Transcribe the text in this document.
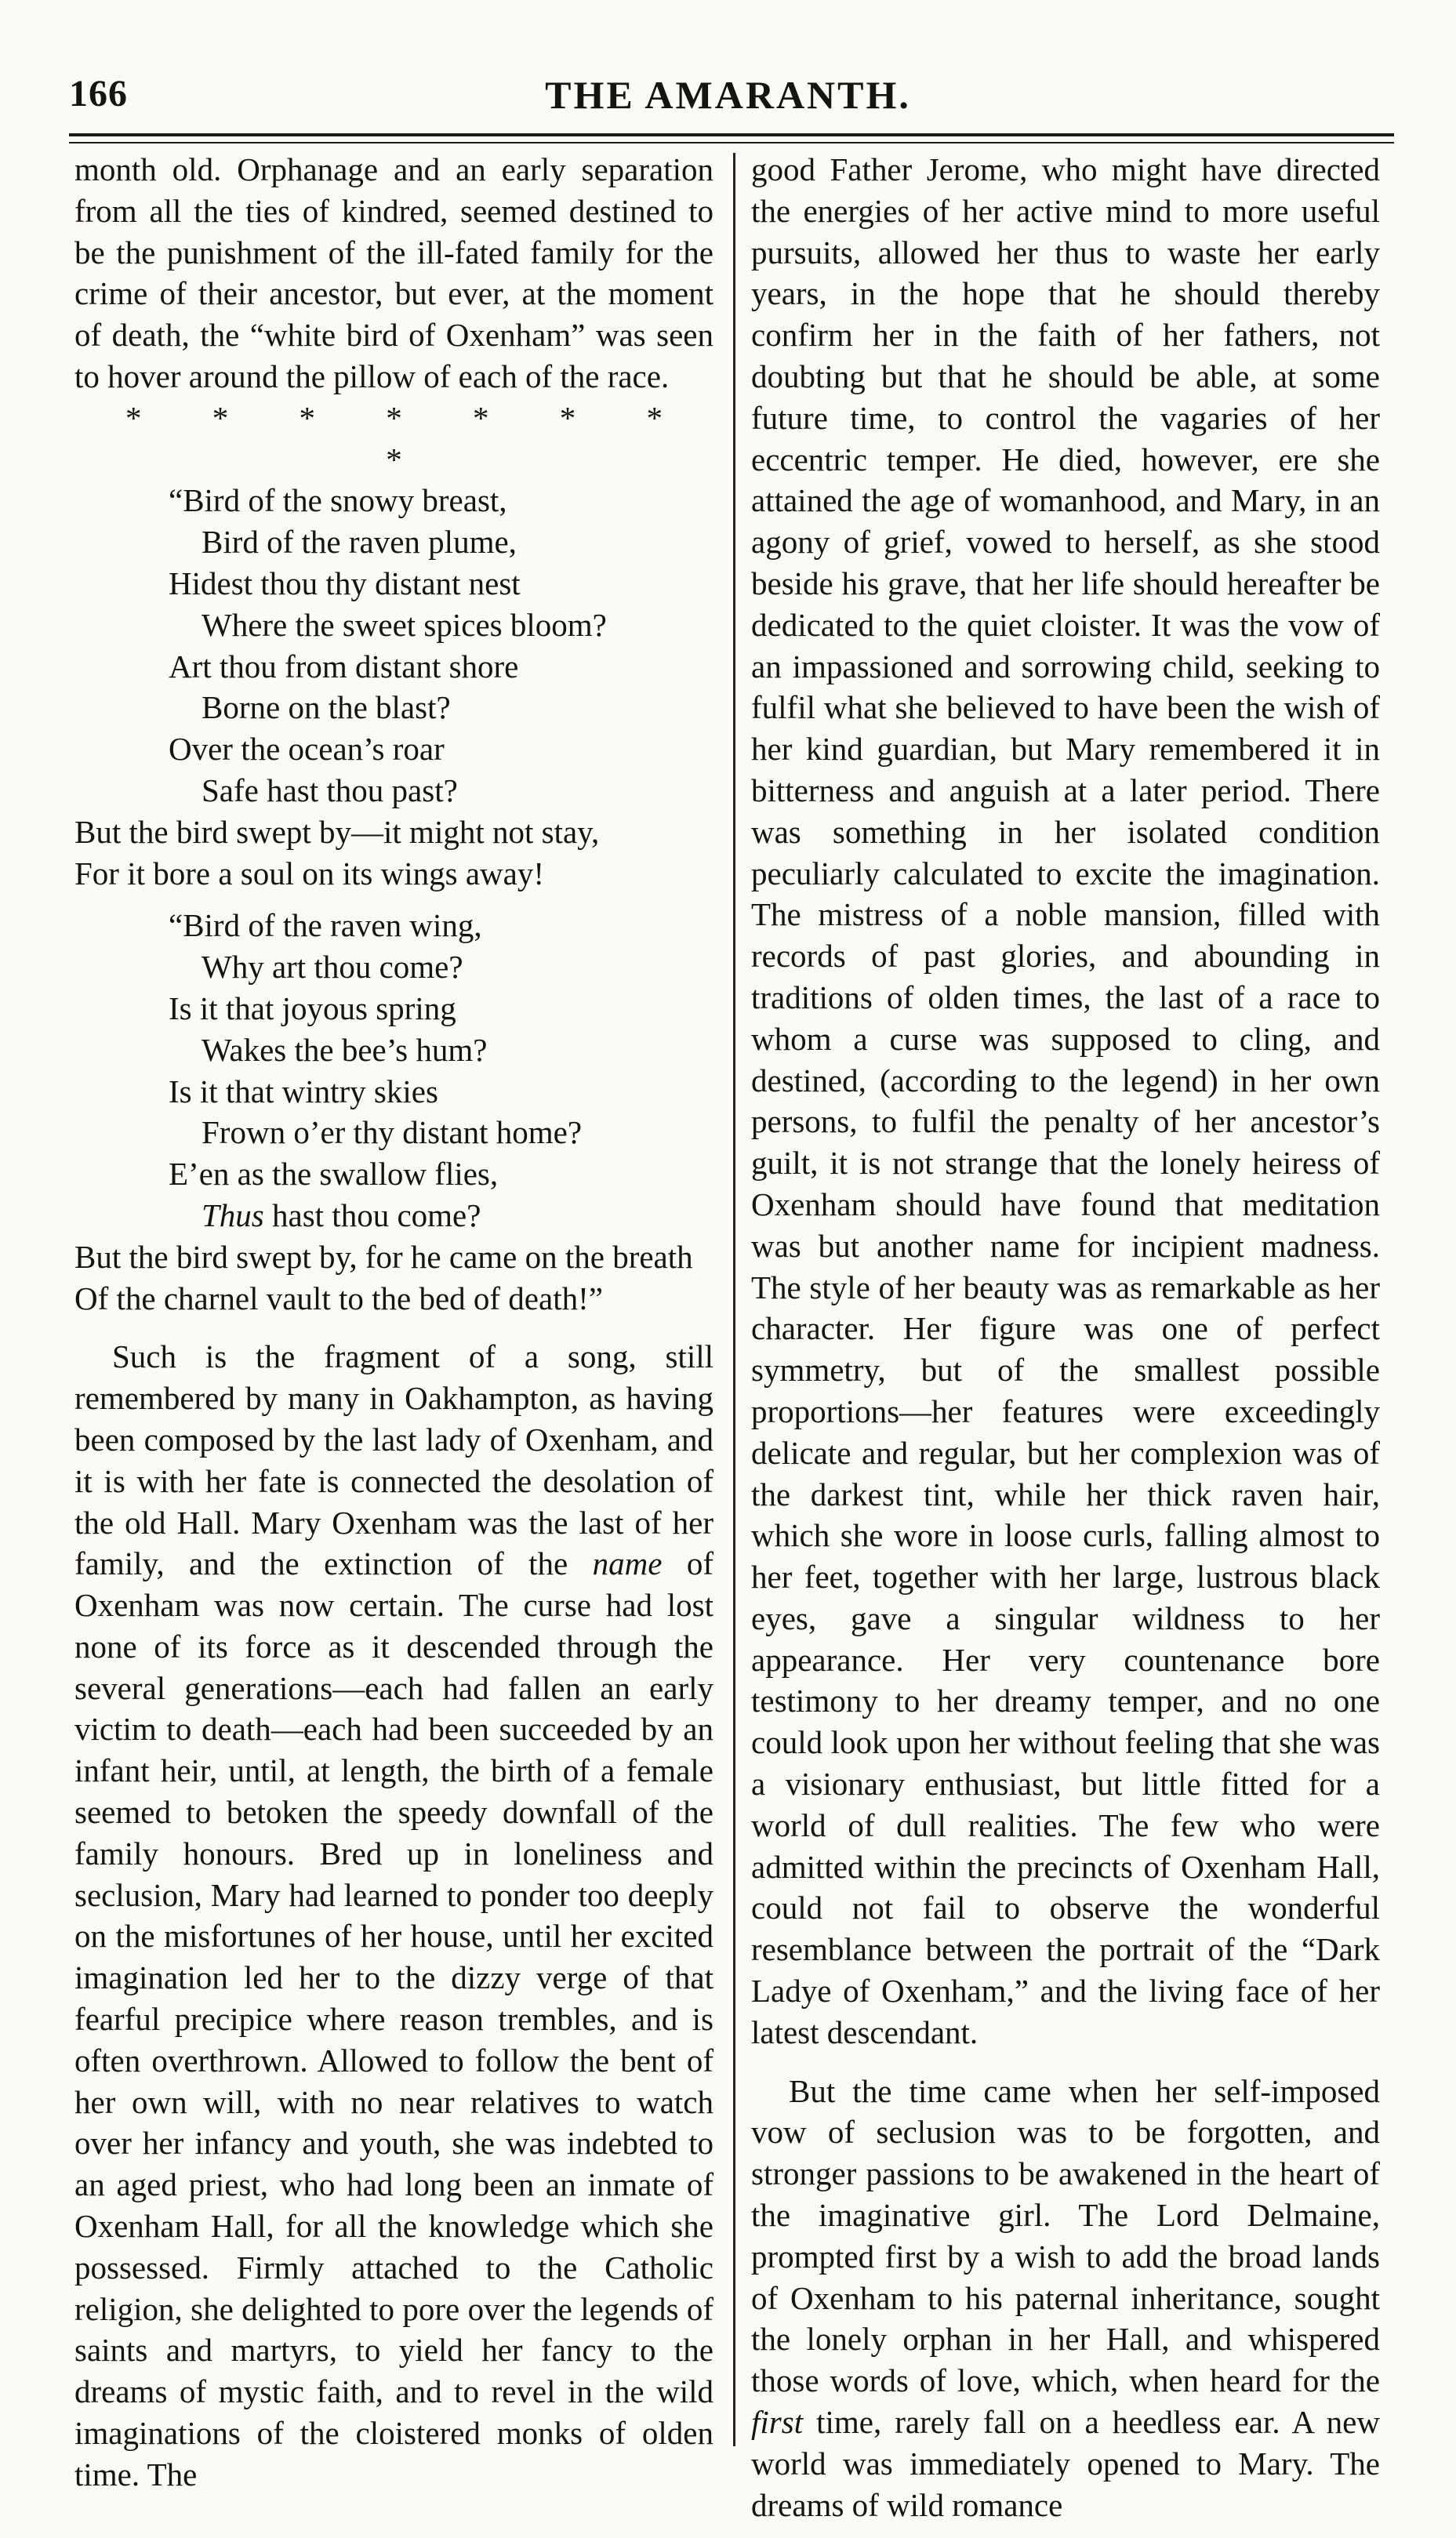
166	THE AMARANTH.

month old. Orphanage and an early separation from all the ties of kindred, seemed destined to be the punishment of the ill-fated family for the crime of their ancestor, but ever, at the moment of death, the “white bird of Oxenham” was seen to hover around the pillow of each of the race.

* * * * * * * *

“Bird of the snowy breast,
Bird of the raven plume,
Hidest thou thy distant nest
Where the sweet spices bloom?
Art thou from distant shore
Borne on the blast?
Over the ocean’s roar
Safe hast thou past?
But the bird swept by—it might not stay,
For it bore a soul on its wings away!
“Bird of the raven wing,
Why art thou come?
Is it that joyous spring
Wakes the bee’s hum?
Is it that wintry skies
Frown o’er thy distant home?
E’en as the swallow flies,
Thus hast thou come?
But the bird swept by, for he came on the breath
Of the charnel vault to the bed of death!”

Such is the fragment of a song, still remembered by many in Oakhampton, as having been composed by the last lady of Oxenham, and it is with her fate is connected the desolation of the old Hall. Mary Oxenham was the last of her family, and the extinction of the name of Oxenham was now certain. The curse had lost none of its force as it descended through the several generations—each had fallen an early victim to death—each had been succeeded by an infant heir, until, at length, the birth of a female seemed to betoken the speedy downfall of the family honours. Bred up in loneliness and seclusion, Mary had learned to ponder too deeply on the misfortunes of her house, until her excited imagination led her to the dizzy verge of that fearful precipice where reason trembles, and is often overthrown. Allowed to follow the bent of her own will, with no near relatives to watch over her infancy and youth, she was indebted to an aged priest, who had long been an inmate of Oxenham Hall, for all the knowledge which she possessed. Firmly attached to the Catholic religion, she delighted to pore over the legends of saints and martyrs, to yield her fancy to the dreams of mystic faith, and to revel in the wild imaginations of the cloistered monks of olden time. The

good Father Jerome, who might have directed the energies of her active mind to more useful pursuits, allowed her thus to waste her early years, in the hope that he should thereby confirm her in the faith of her fathers, not doubting but that he should be able, at some future time, to control the vagaries of her eccentric temper. He died, however, ere she attained the age of womanhood, and Mary, in an agony of grief, vowed to herself, as she stood beside his grave, that her life should hereafter be dedicated to the quiet cloister. It was the vow of an impassioned and sorrowing child, seeking to fulfil what she believed to have been the wish of her kind guardian, but Mary remembered it in bitterness and anguish at a later period. There was something in her isolated condition peculiarly calculated to excite the imagination. The mistress of a noble mansion, filled with records of past glories, and abounding in traditions of olden times, the last of a race to whom a curse was supposed to cling, and destined, (according to the legend) in her own persons, to fulfil the penalty of her ancestor’s guilt, it is not strange that the lonely heiress of Oxenham should have found that meditation was but another name for incipient madness. The style of her beauty was as remarkable as her character. Her figure was one of perfect symmetry, but of the smallest possible proportions—her features were exceedingly delicate and regular, but her complexion was of the darkest tint, while her thick raven hair, which she wore in loose curls, falling almost to her feet, together with her large, lustrous black eyes, gave a singular wildness to her appearance. Her very countenance bore testimony to her dreamy temper, and no one could look upon her without feeling that she was a visionary enthusiast, but little fitted for a world of dull realities. The few who were admitted within the precincts of Oxenham Hall, could not fail to observe the wonderful resemblance between the portrait of the “Dark Ladye of Oxenham,” and the living face of her latest descendant.

But the time came when her self-imposed vow of seclusion was to be forgotten, and stronger passions to be awakened in the heart of the imaginative girl. The Lord Delmaine, prompted first by a wish to add the broad lands of Oxenham to his paternal inheritance, sought the lonely orphan in her Hall, and whispered those words of love, which, when heard for the first time, rarely fall on a heedless ear. A new world was immediately opened to Mary. The dreams of wild romance
